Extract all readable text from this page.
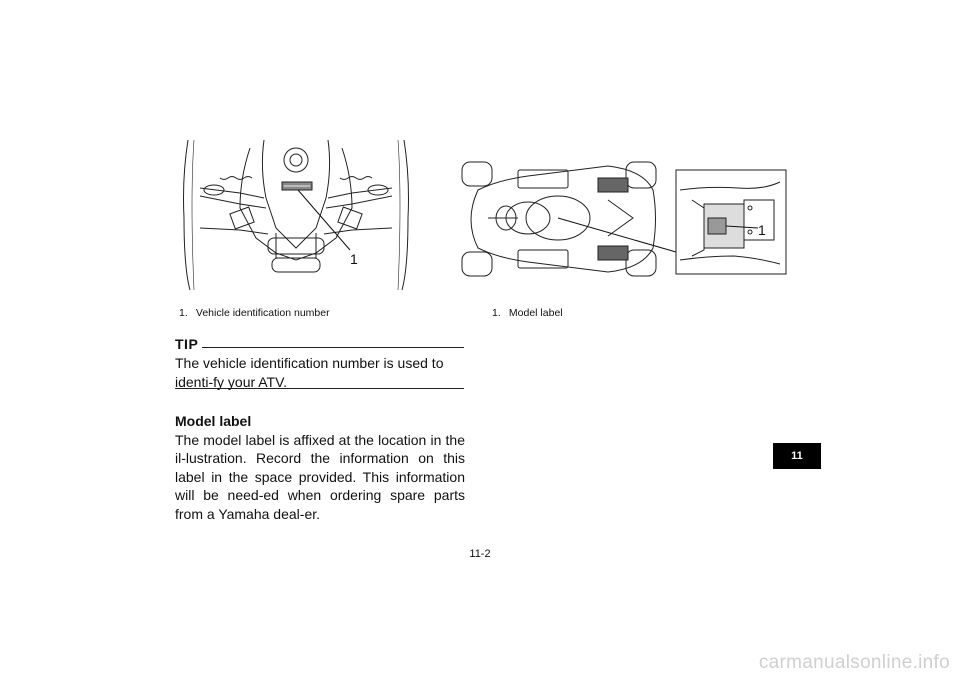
1
1
1. Vehicle identification number	1. Model label
TIP
The vehicle identification number is used to identi-fy your ATV.
Model label
The model label is affixed at the location in the il-lustration. Record the information on this label in the space provided. This information will be need-ed when ordering spare parts from a Yamaha deal-er.
11
11-2
carmanualsonline.info
